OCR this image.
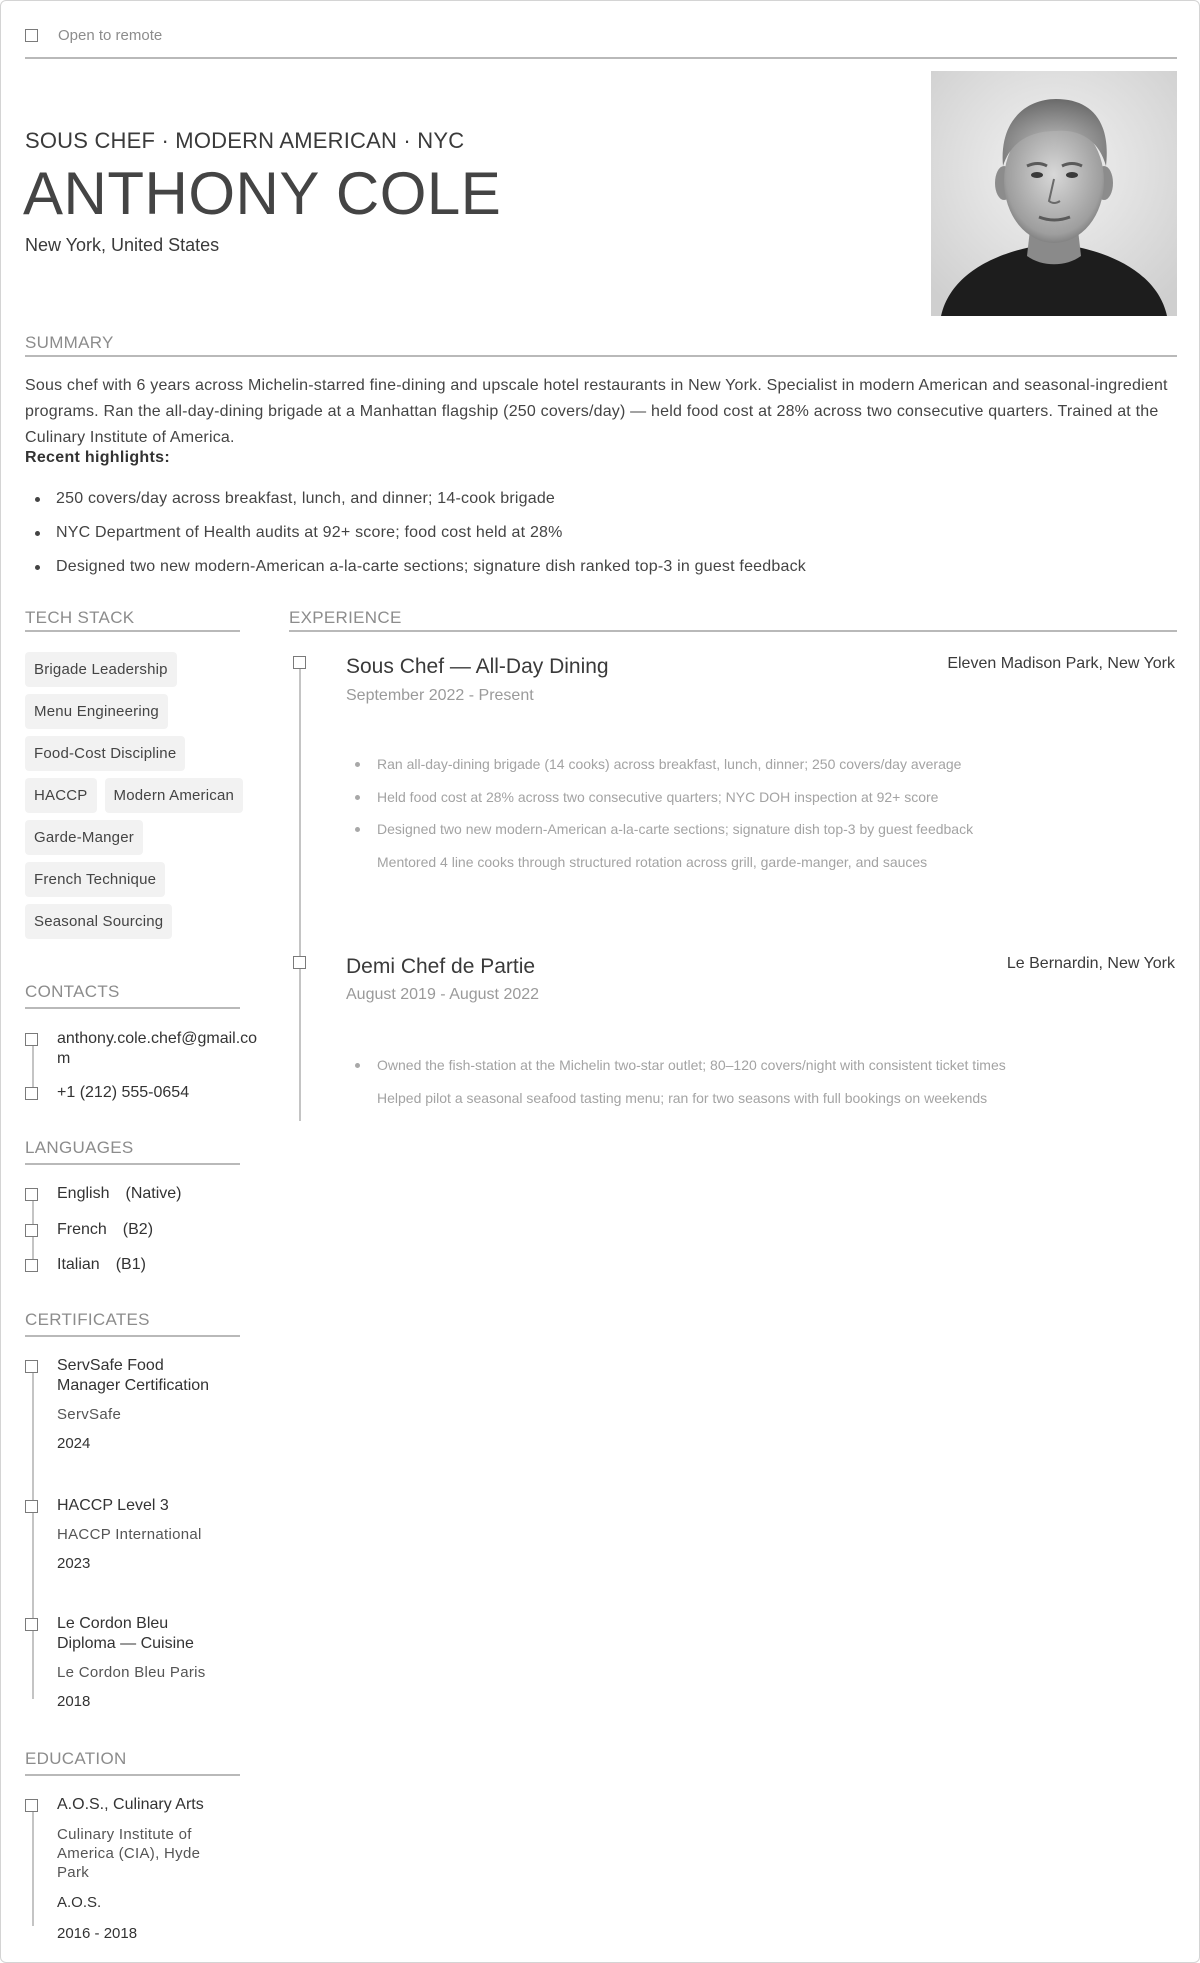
Open to remote
SOUS CHEF · MODERN AMERICAN · NYC
ANTHONY COLE
New York, United States
SUMMARY
Sous chef with 6 years across Michelin-starred fine-dining and upscale hotel restaurants in New York. Specialist in modern American and seasonal-ingredient programs. Ran the all-day-dining brigade at a Manhattan flagship (250 covers/day) — held food cost at 28% across two consecutive quarters. Trained at the Culinary Institute of America.
Recent highlights:
250 covers/day across breakfast, lunch, and dinner; 14-cook brigade
NYC Department of Health audits at 92+ score; food cost held at 28%
Designed two new modern-American a-la-carte sections; signature dish ranked top-3 in guest feedback
TECH STACK
Brigade Leadership
Menu Engineering
Food-Cost Discipline
HACCP	Modern American
Garde-Manger
French Technique
Seasonal Sourcing
CONTACTS
anthony.cole.chef@gmail.co
m
+1 (212) 555-0654
LANGUAGES
English (Native)
French (B2)
Italian (B1)
CERTIFICATES
ServSafe Food Manager Certification
ServSafe
2024
HACCP Level 3
HACCP International
2023
Le Cordon Bleu Diploma — Cuisine
Le Cordon Bleu Paris
2018
EDUCATION
A.O.S., Culinary Arts
Culinary Institute of America (CIA), Hyde Park
A.O.S.
2016 - 2018
EXPERIENCE
Sous Chef — All-Day Dining
September 2022 - Present
Eleven Madison Park, New York
Ran all-day-dining brigade (14 cooks) across breakfast, lunch, dinner; 250 covers/day average
Held food cost at 28% across two consecutive quarters; NYC DOH inspection at 92+ score
Designed two new modern-American a-la-carte sections; signature dish top-3 by guest feedback
Mentored 4 line cooks through structured rotation across grill, garde-manger, and sauces
Demi Chef de Partie
August 2019 - August 2022
Le Bernardin, New York
Owned the fish-station at the Michelin two-star outlet; 80–120 covers/night with consistent ticket times
Helped pilot a seasonal seafood tasting menu; ran for two seasons with full bookings on weekends
